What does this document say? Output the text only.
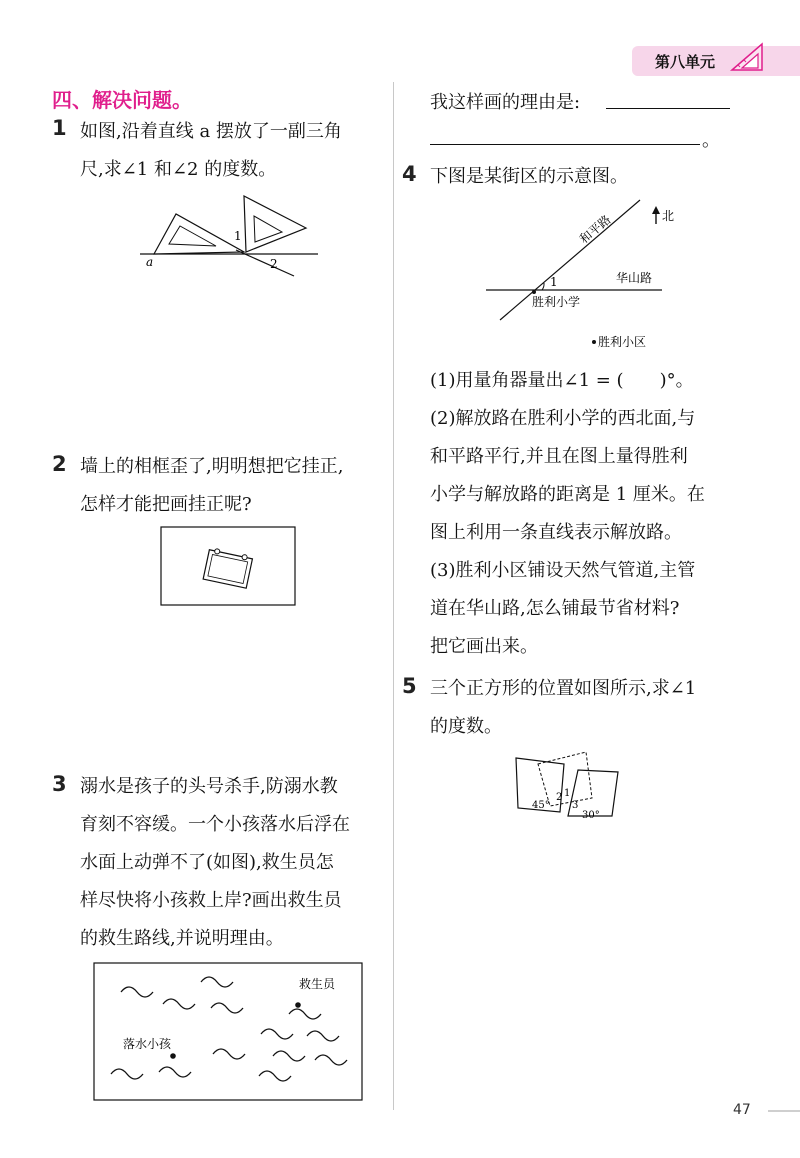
第八单元
四、解决问题。
1 如图,沿着直线 a 摆放了一副三角
尺,求∠1 和∠2 的度数。
1
2
a
2 墙上的相框歪了,明明想把它挂正,
怎样才能把画挂正呢?
3 溺水是孩子的头号杀手,防溺水教
育刻不容缓。一个小孩落水后浮在
水面上动弹不了(如图),救生员怎
样尽快将小孩救上岸?画出救生员
的救生路线,并说明理由。
救生员
落水小孩
我这样画的理由是:
。
4 下图是某街区的示意图。
和平路
华山路
1
胜利小学
北
胜利小区
(1)用量角器量出∠1 = (　　)°。
(2)解放路在胜利小学的西北面,与
和平路平行,并且在图上量得胜利
小学与解放路的距离是 1 厘米。在
图上利用一条直线表示解放路。
(3)胜利小区铺设天然气管道,主管
道在华山路,怎么铺最节省材料?
把它画出来。
5 三个正方形的位置如图所示,求∠1
的度数。
45°
30°
2 1
3
47
